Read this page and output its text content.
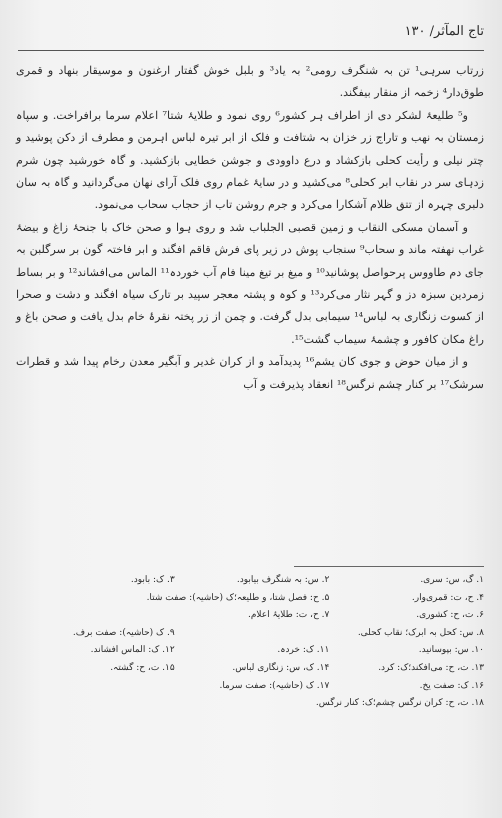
تاج المآثر/ ۱۳۰

زرتاب سرہی¹ تن بہ شنگرف رومی² بہ یاد³ و بلبل خوش گفتار ارغنون و موسیقار بنهاد و قمری طوق‌دار⁴ زخمہ از منقار بیفگند.

و⁵ طلیعۂ لشکر دی از اطراف ہر کشور⁶ روی نمود و طلایۂ شتا⁷ اعلام سرما برافراخت. و سپاہ زمستان بہ نهب و تاراج زر خزان بہ شتافت و فلک از ابر تیرہ لباس اہرمن و مطرف از دکن پوشید و چتر نیلی و رأیت کحلی بازکشاد و درع داوودی و جوشن خطایی بازکشید. و گاہ خورشید چون شرم زدہای سر در نقاب ابر کحلی⁸ می‌کشید و در سایۂ غمام روی فلک آرای نهان می‌گردانید و گاہ بہ سان دلبری چہرہ از تتق ظلام آشکارا می‌کرد و جرم روشن تاب از حجاب سحاب می‌نمود.

و آسمان مسکی النقاب و زمین قصبی الجلباب شد و روی ہوا و صحن خاک با جنحۂ زاغ و بیضۂ غراب نهفتہ ماند و سحاب⁹ سنجاب پوش در زیر پای فرش قاقم افگند و ابر فاختہ گون بر سرگلبن بہ جای دم طاووس پرحواصل پوشانید¹⁰ و میغ بر تیغ مینا فام آب خوردہ¹¹ الماس می‌افشاند¹² و بر بساط زمردین سبزہ دز و گہر نثار می‌کرد¹³ و کوہ و پشتہ معجر سپید بر تارک سیاہ افگند و دشت و صحرا از کسوت زنگاری بہ لباس¹⁴ سیمابی بدل گرفت. و چمن از زر پختہ نقرۂ خام بدل یافت و صحن باغ و راغ مکان کافور و چشمۂ سیماب گشت¹⁵.

و از میان حوض و جوی کان یشم¹⁶ پدیدآمد و از کران غدیر و آبگیر معدن رخام پیدا شد و قطرات سرشک¹⁷ بر کنار چشم نرگس¹⁸ انعقاد پذیرفت و آب

۱. گ، س: سری.
۲. س: بہ شنگرف بیابود.
۳. ک: بابود.
۴. ح، ت: قمری‌وار.
۵. ح: فصل شتا، و طلیعہ؛ک (حاشیہ): صفت شتا.
۶. ت، ح: کشوری.
۷. ح، ت: طلایۂ اعلام.
۸. س: کحل بہ ابرک؛ نقاب کحلی.
۹. ک (حاشیہ): صفت برف.
۱۰. س: بپوسانید.
۱۱. ک: خردہ.
۱۲. ک: الماس افشاند.
۱۳. ت، ح: می‌افکند؛ک: کرد.
۱۴. ک، س: زنگاری لباس.
۱۵. ت، ح: گشتہ.
۱۶. ک: صفت یخ.
۱۷. ک (حاشیہ): صفت سرما.
۱۸. ت، ح: کران نرگس چشم؛ک: کنار نرگس.
